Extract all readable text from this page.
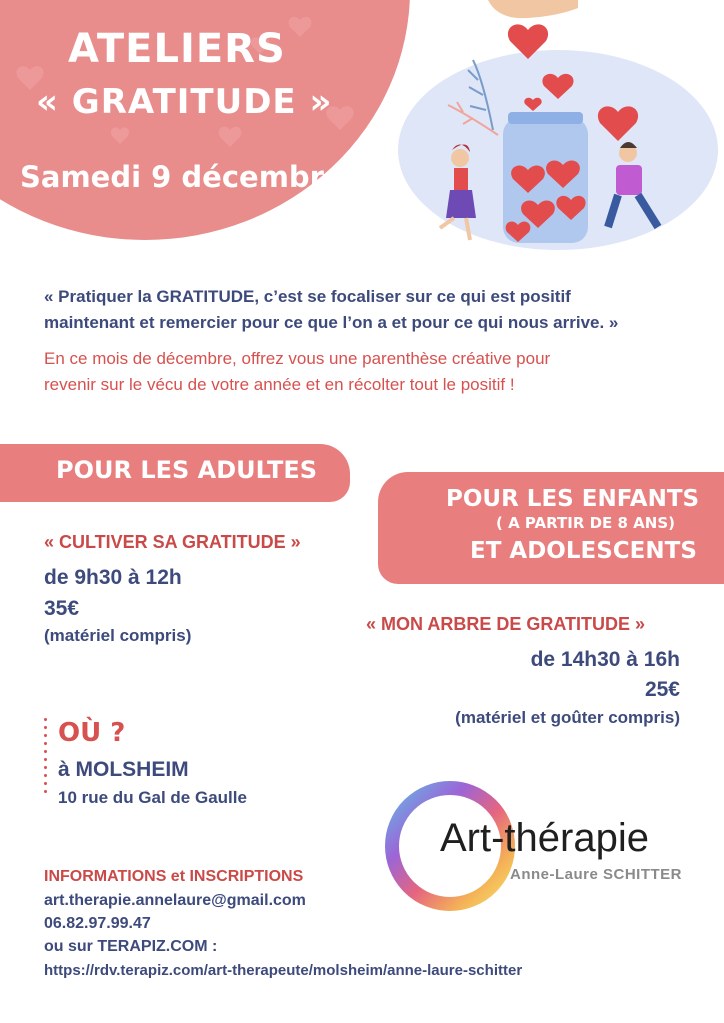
ATELIERS
« GRATITUDE »
Samedi 9 décembre
« Pratiquer la GRATITUDE, c’est se focaliser sur ce qui est positif
maintenant et remercier pour ce que l’on a et pour ce qui nous arrive. »
En ce mois de décembre, offrez vous une parenthèse créative pour
revenir sur le vécu de votre année et en récolter tout le positif !
POUR LES ADULTES
« CULTIVER SA GRATITUDE »
de 9h30 à 12h
35€
(matériel compris)
POUR LES ENFANTS
( A PARTIR DE 8 ANS)
ET ADOLESCENTS
« MON ARBRE DE GRATITUDE »
de 14h30 à 16h
25€
(matériel et goûter compris)
OÙ ?
à MOLSHEIM
10 rue du Gal de Gaulle
Art-thérapie
Anne-Laure SCHITTER
INFORMATIONS et INSCRIPTIONS
art.therapie.annelaure@gmail.com
06.82.97.99.47
ou sur TERAPIZ.COM :
https://rdv.terapiz.com/art-therapeute/molsheim/anne-laure-schitter
